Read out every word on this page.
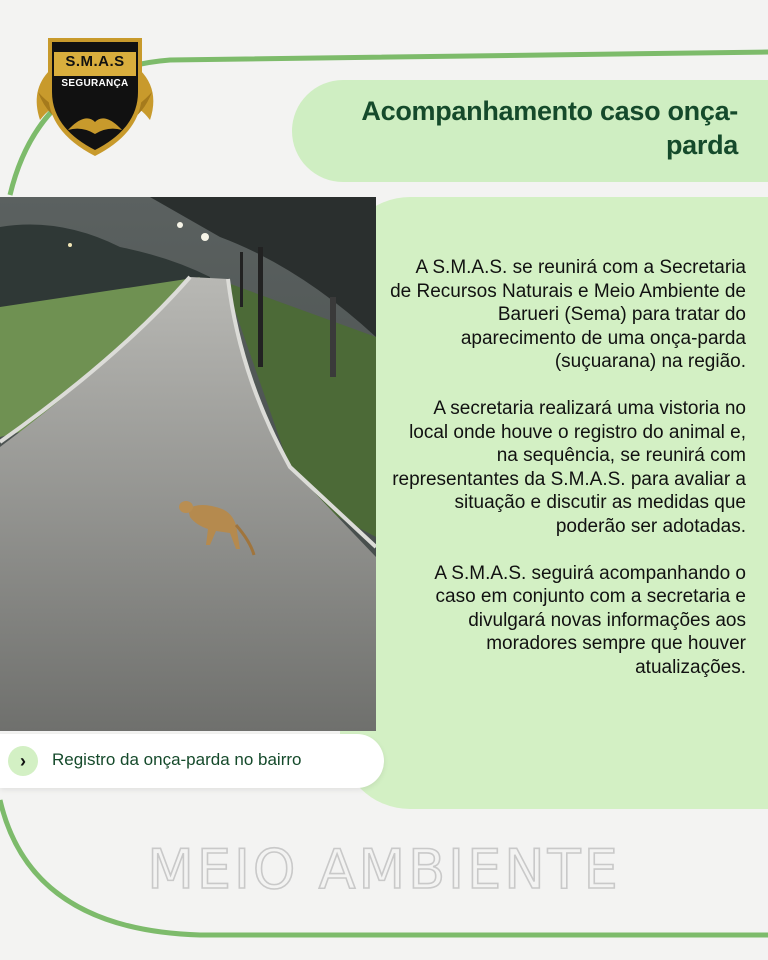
S.M.A.S
SEGURANÇA
Acompanhamento caso onça-parda

A S.M.A.S. se reunirá com a Secretaria de Recursos Naturais e Meio Ambiente de Barueri (Sema) para tratar do aparecimento de uma onça-parda (suçuarana) na região.

A secretaria realizará uma vistoria no local onde houve o registro do animal e, na sequência, se reunirá com representantes da S.M.A.S. para avaliar a situação e discutir as medidas que poderão ser adotadas.

A S.M.A.S. seguirá acompanhando o caso em conjunto com a secretaria e divulgará novas informações aos moradores sempre que houver atualizações.

›	Registro da onça-parda no bairro
MEIO AMBIENTE
